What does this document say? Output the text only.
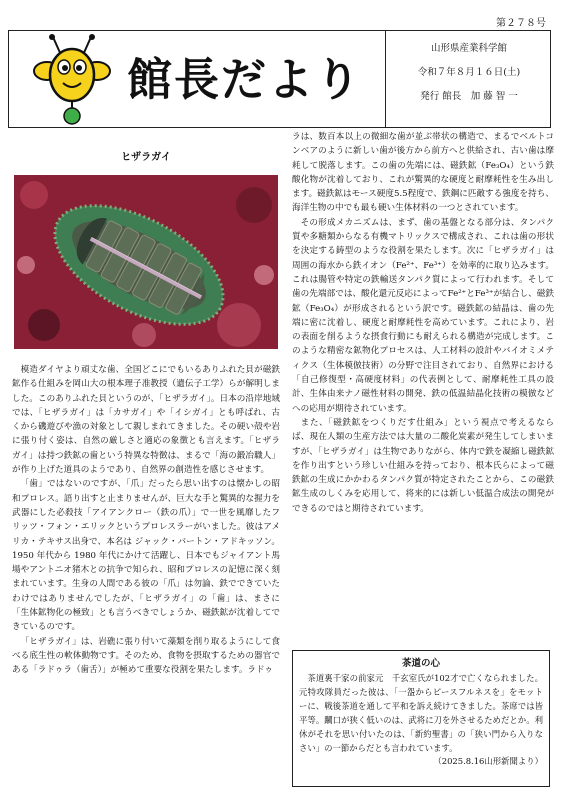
第２７８号
館長だより
山形県産業科学館
令和７年８月１６日(土)
発行 館長　加 藤 智 一
ヒザラガイ

模造ダイヤより頑丈な歯、全国どこにでもいるありふれた貝が磁鉄鉱作る仕組みを岡山大の根本理子准教授（遺伝子工学）らが解明しました。このありふれた貝というのが、「ヒザラガイ」。日本の沿岸地域では、「ヒザラガイ」は「カサガイ」や「イシガイ」とも呼ばれ、古くから磯遊びや漁の対象として親しまれてきました。その硬い殻や岩に張り付く姿は、自然の厳しさと適応の象徴とも言えます。「ヒザラガイ」は持つ鉄鉱の歯という特異な特徴は、まるで「海の鍛冶職人」が作り上げた道具のようであり、自然界の創造性を感じさせます。

「歯」ではないのですが、「爪」だったら思い出すのは懐かしの昭和プロレス。語り出すと止まりませんが、巨大な手と驚異的な握力を武器にした必殺技「アイアンクロー（鉄の爪）」で一世を風靡したフリッツ・フォン・エリックというプロレスラーがいました。彼はアメリカ・テキサス出身で、本名は ジャック・バートン・アドキッソン。1950 年代から 1980 年代にかけて活躍し、日本でもジャイアント馬場やアントニオ猪木との抗争で知られ、昭和プロレスの記憶に深く刻まれています。生身の人間である彼の「爪」は勿論、鉄でできていたわけではありませんでしたが、「ヒザラガイ」の「歯」は、まさに「生体鉱物化の極致」とも言うべきでしょうか、磁鉄鉱が沈着してできているのです。

「ヒザラガイ」は、岩礁に張り付いて藻類を削り取るようにして食べる底生性の軟体動物です。そのため、食物を摂取するための器官である「ラドゥラ（歯舌）」が極めて重要な役割を果たします。ラドゥ

ラは、数百本以上の微細な歯が並ぶ帯状の構造で、まるでベルトコンベアのように新しい歯が後方から前方へと供給され、古い歯は摩耗して脱落します。この歯の先端には、磁鉄鉱（Fe₃O₄）という鉄酸化物が沈着しており、これが驚異的な硬度と耐摩耗性を生み出します。磁鉄鉱はモース硬度5.5程度で、鉄鋼に匹敵する強度を持ち、海洋生物の中でも最も硬い生体材料の一つとされています。

その形成メカニズムは、まず、歯の基盤となる部分は、タンパク質や多糖類からなる有機マトリックスで構成され、これは歯の形状を決定する鋳型のような役割を果たします。次に「ヒザラガイ」は周囲の海水から鉄イオン（Fe²⁺、Fe³⁺）を効率的に取り込みます。これは腸管や特定の鉄輸送タンパク質によって行われます。そして歯の先端部では、酸化還元反応によってFe²⁺とFe³⁺が結合し、磁鉄鉱（Fe₃O₄）が形成されるという訳です。磁鉄鉱の結晶は、歯の先端に密に沈着し、硬度と耐摩耗性を高めています。これにより、岩の表面を削るような摂食行動にも耐えられる構造が完成します。このような精密な鉱物化プロセスは、人工材料の設計やバイオミメティクス（生体模倣技術）の分野で注目されており、自然界における「自己修復型・高硬度材料」の代表例として、耐摩耗性工具の設計、生体由来ナノ磁性材料の開発、鉄の低温結晶化技術の模倣などへの応用が期待されています。

また、「磁鉄鉱をつくりだす仕組み」という視点で考えるならば、現在人類の生産方法では大量の二酸化炭素が発生してしまいますが、「ヒザラガイ」は生物でありながら、体内で鉄を凝縮し磁鉄鉱を作り出すという珍しい仕組みを持っており、根本氏らによって磁鉄鉱の生成にかかわるタンパク質が特定されたことから、この磁鉄鉱生成のしくみを応用して、将来的には新しい低温合成法の開発ができるのではと期待されています。

茶道の心

茶道裏千家の前家元　千玄室氏が102才で亡くなられました。元特攻隊員だった彼は、「一盌からピースフルネスを」をモットーに、戦後茶道を通して平和を訴え続けてきました。茶席では皆平等。躙口が狭く低いのは、武将に刀を外させるためだとか。利休がそれを思い付いたのは、「新約聖書」の「狭い門から入りなさい」の一節からだとも言われています。

（2025.8.16山形新聞より）
